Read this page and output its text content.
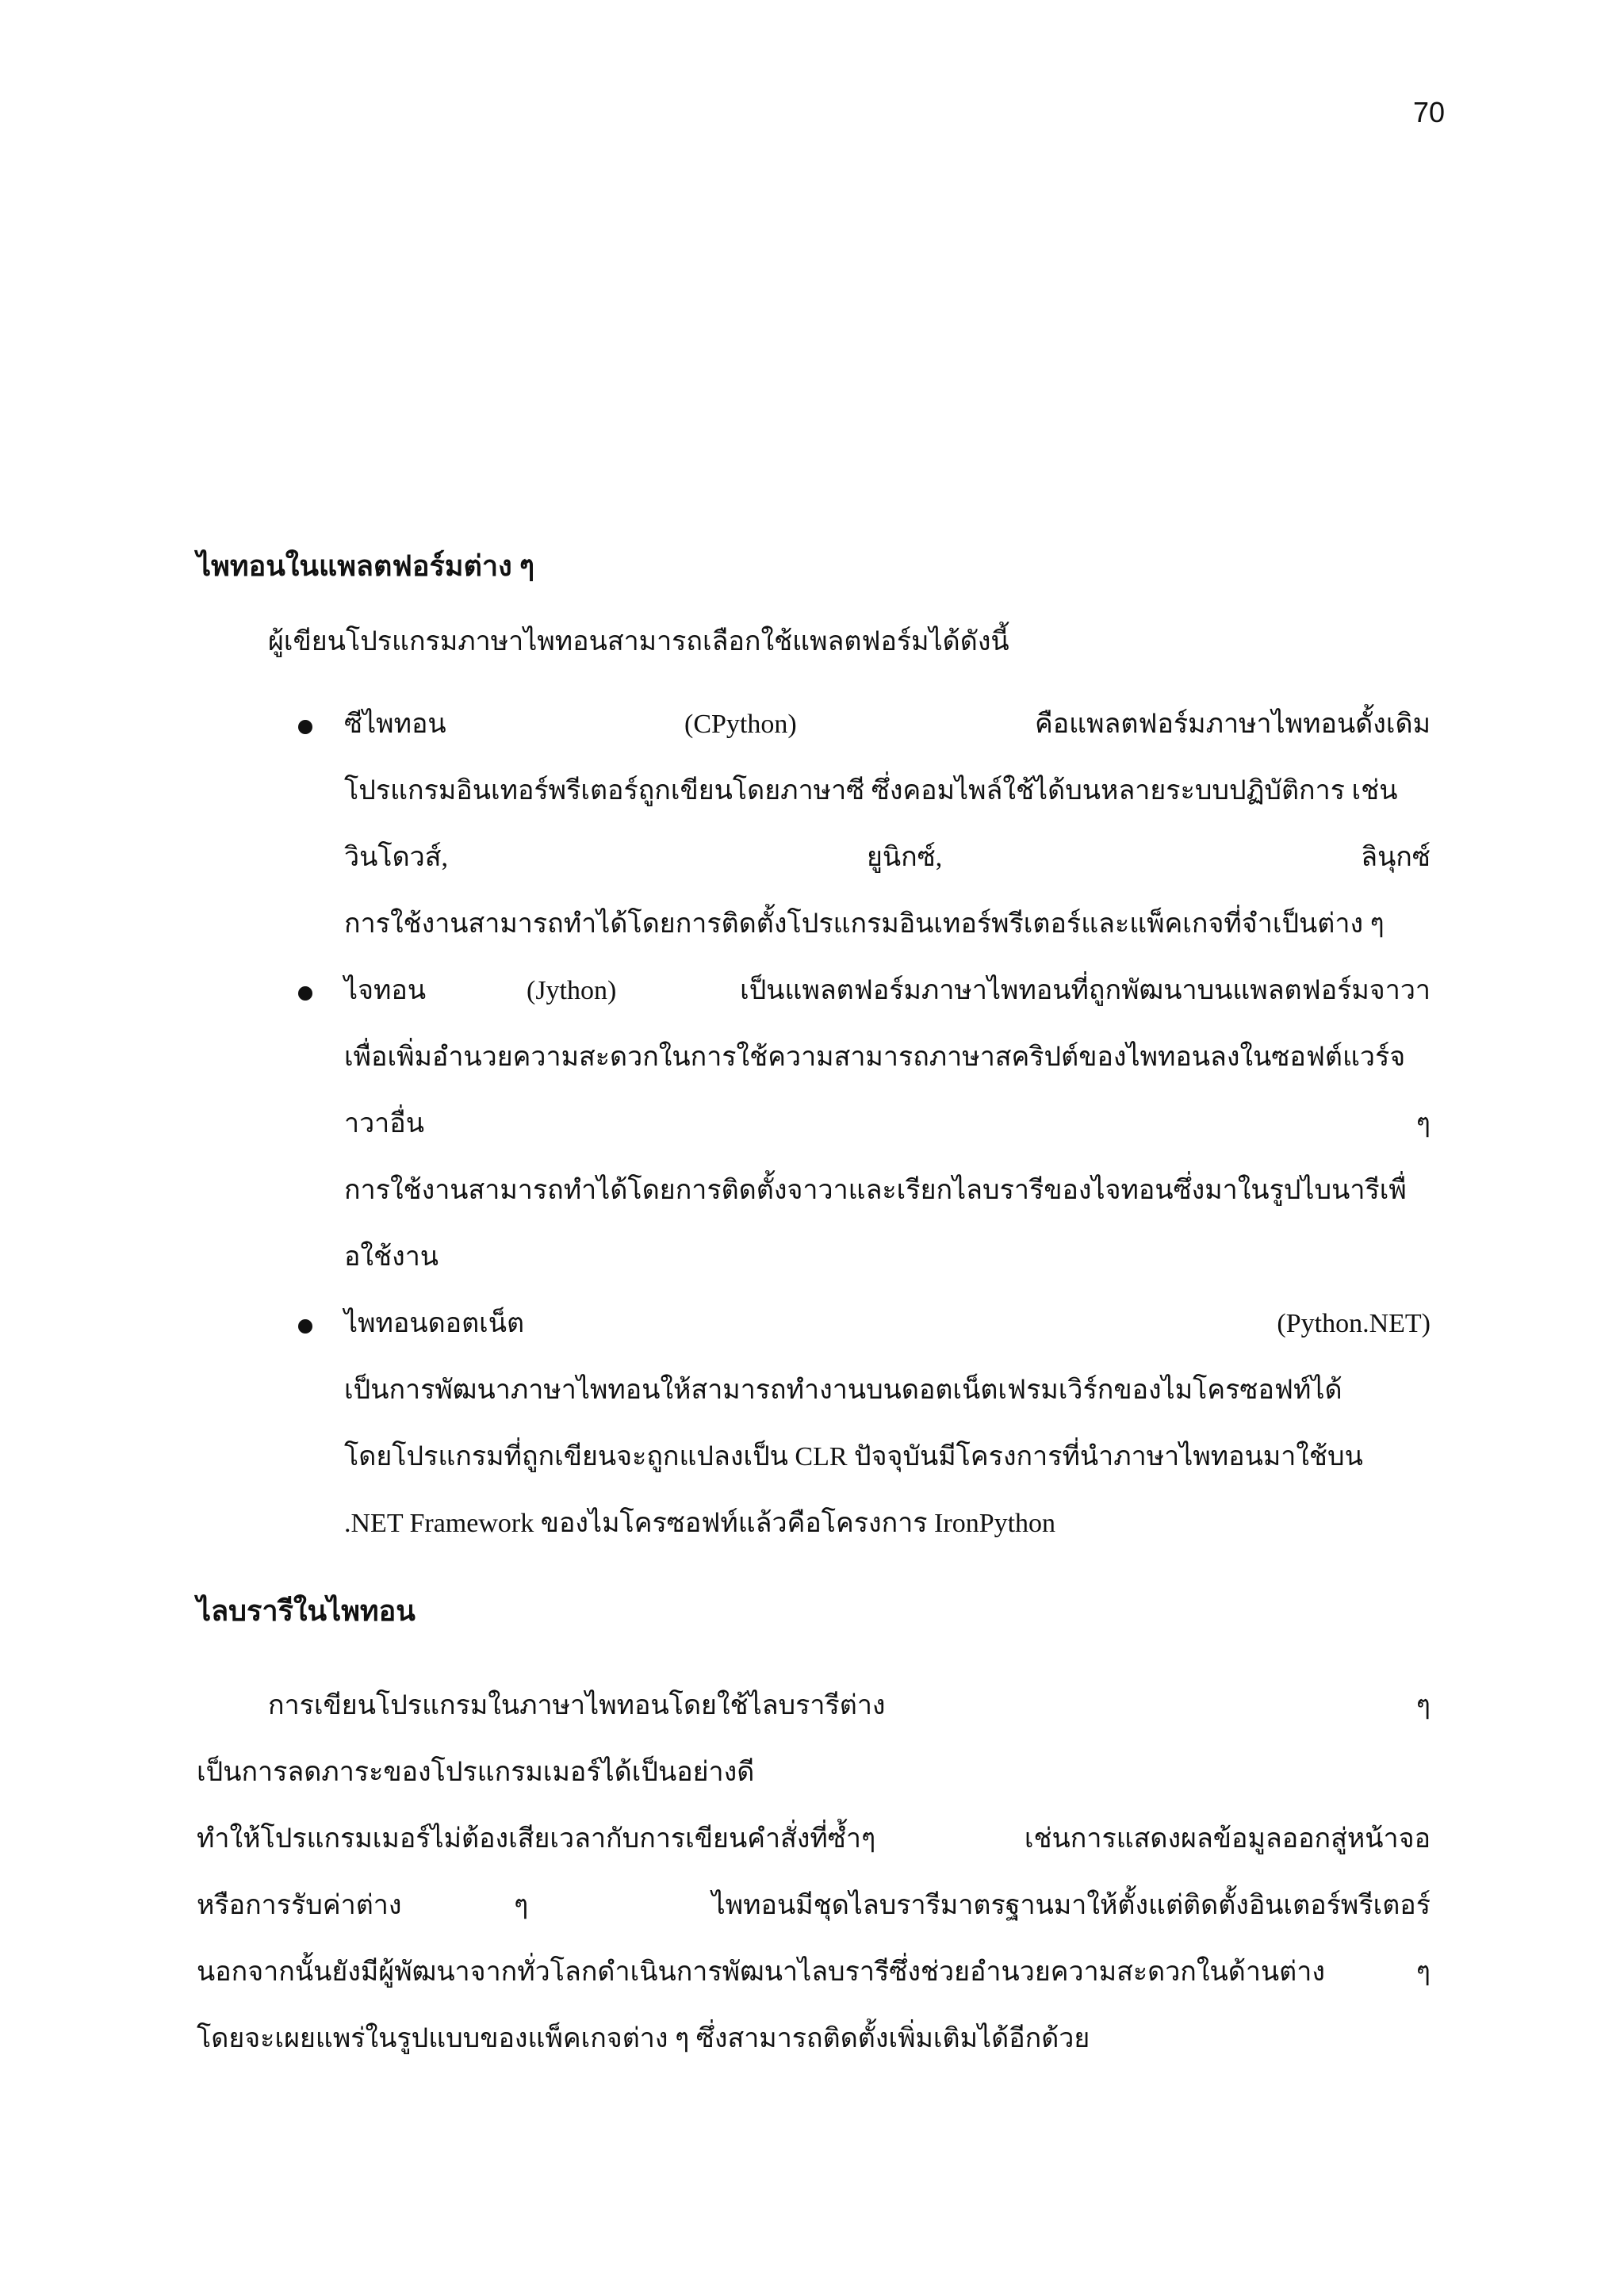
70
ไพทอนในแพลตฟอร์มต่าง ๆ

ผู้เขียนโปรแกรมภาษาไพทอนสามารถเลือกใช้แพลตฟอร์มได้ดังนี้

ซีไพทอน	(CPython)	คือแพลตฟอร์มภาษาไพทอนดั้งเดิม
โปรแกรมอินเทอร์พรีเตอร์ถูกเขียนโดยภาษาซี ซึ่งคอมไพล์ใช้ได้บนหลายระบบปฏิบัติการ เช่น
วินโดวส์,	ยูนิกซ์,	ลินุกซ์
การใช้งานสามารถทำได้โดยการติดตั้งโปรแกรมอินเทอร์พรีเตอร์และแพ็คเกจที่จำเป็นต่าง ๆ
ไจทอน	(Jython)	เป็นแพลตฟอร์มภาษาไพทอนที่ถูกพัฒนาบนแพลตฟอร์มจาวา
เพื่อเพิ่มอำนวยความสะดวกในการใช้ความสามารถภาษาสคริปต์ของไพทอนลงในซอฟต์แวร์จ
าวาอื่น	ๆ
การใช้งานสามารถทำได้โดยการติดตั้งจาวาและเรียกไลบรารีของไจทอนซึ่งมาในรูปไบนารีเพื่
อใช้งาน
ไพทอนดอตเน็ต	(Python.NET)
เป็นการพัฒนาภาษาไพทอนให้สามารถทำงานบนดอตเน็ตเฟรมเวิร์กของไมโครซอฟท์ได้
โดยโปรแกรมที่ถูกเขียนจะถูกแปลงเป็น CLR ปัจจุบันมีโครงการที่นำภาษาไพทอนมาใช้บน
.NET Framework ของไมโครซอฟท์แล้วคือโครงการ IronPython
ไลบรารีในไพทอน
การเขียนโปรแกรมในภาษาไพทอนโดยใช้ไลบรารีต่าง	ๆ
เป็นการลดภาระของโปรแกรมเมอร์ได้เป็นอย่างดี
ทำให้โปรแกรมเมอร์ไม่ต้องเสียเวลากับการเขียนคำสั่งที่ซ้ำๆ	เช่นการแสดงผลข้อมูลออกสู่หน้าจอ
หรือการรับค่าต่าง	ๆ	ไพทอนมีชุดไลบรารีมาตรฐานมาให้ตั้งแต่ติดตั้งอินเตอร์พรีเตอร์
นอกจากนั้นยังมีผู้พัฒนาจากทั่วโลกดำเนินการพัฒนาไลบรารีซึ่งช่วยอำนวยความสะดวกในด้านต่าง	ๆ
โดยจะเผยแพร่ในรูปแบบของแพ็คเกจต่าง ๆ ซึ่งสามารถติดตั้งเพิ่มเติมได้อีกด้วย
